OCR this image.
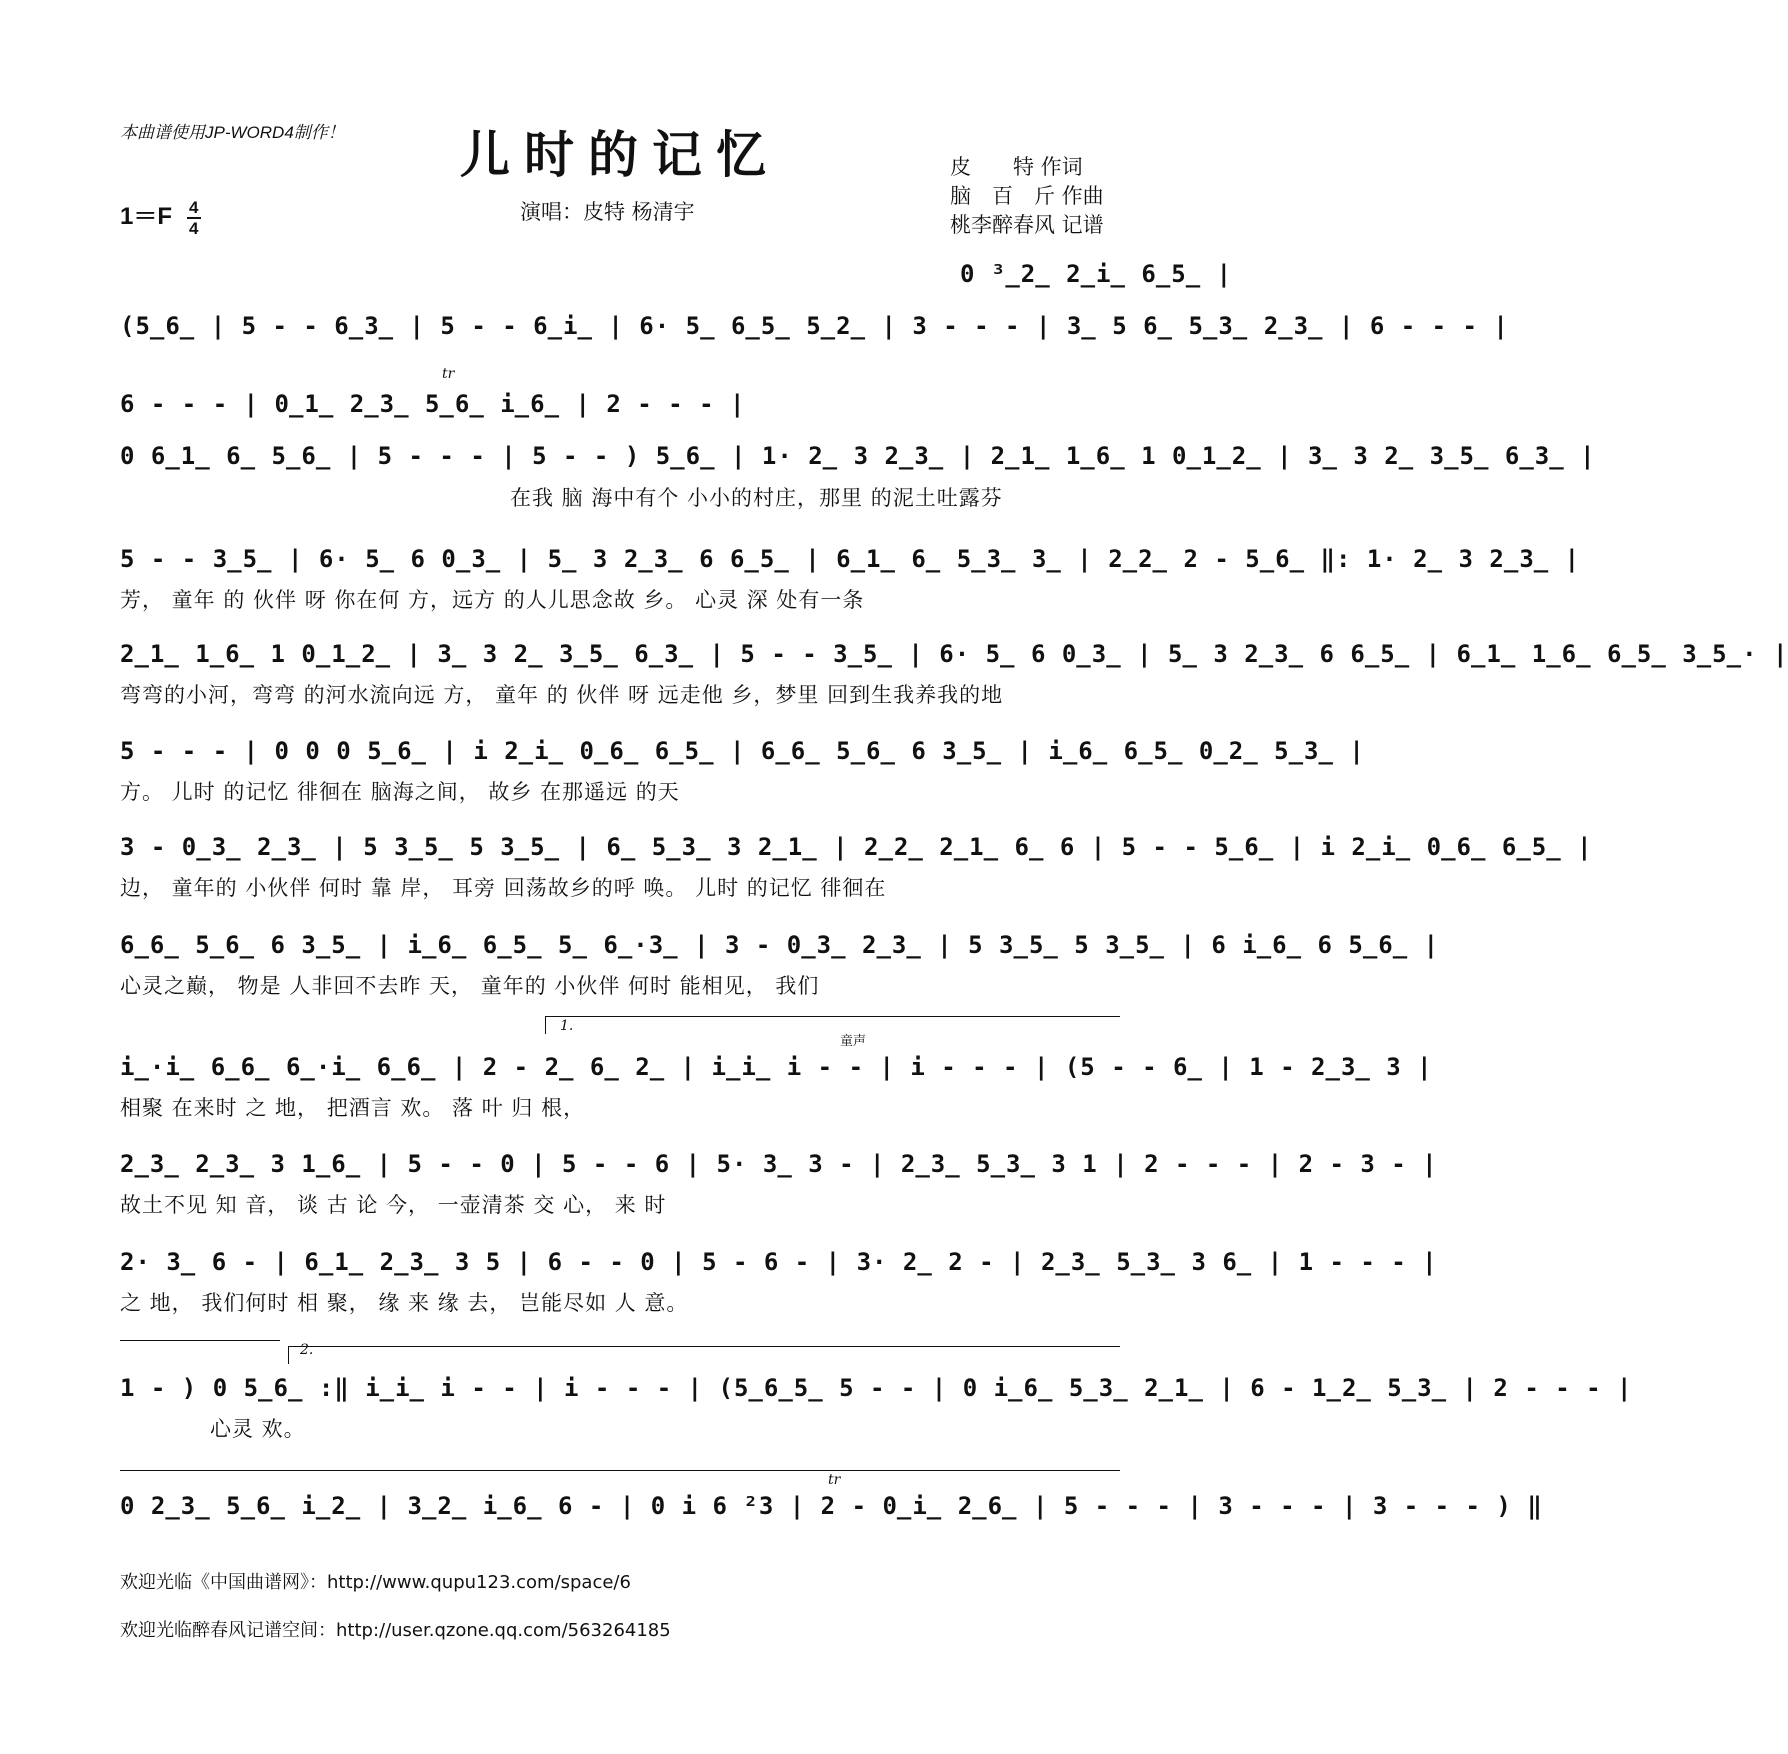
本曲谱使用JP-WORD4制作！	儿时的记忆
$1=F \frac{4}{4}$	演唱：皮特 杨清宇
皮　　特 作词
脑　百　斤 作曲
桃李醉春风 记谱
0 ³̲2̲ 2̲i̲ 6̲5̲ |
(5̲6̲ | 5 - - 6̲3̲ | 5 - - 6̲i̲ | 6· 5̲ 6̲5̲ 5̲2̲ | 3 - - - | 3̲ 5 6̲ 5̲3̲ 2̲3̲ | 6 - - - |
tr
6 - - - | 0̲1̲ 2̲3̲ 5̲6̲ i̲6̲ | 2 - - - |
0 6̲1̲ 6̲ 5̲6̲ | 5 - - - | 5 - - ) 5̲6̲ | 1· 2̲ 3 2̲3̲ | 2̲1̲ 1̲6̲ 1 0̲1̲2̲ | 3̲ 3 2̲ 3̲5̲ 6̲3̲ |
在我 脑 海中有个 小小的村庄，那里 的泥土吐露芬
5 - - 3̲5̲ | 6· 5̲ 6 0̲3̲ | 5̲ 3 2̲3̲ 6 6̲5̲ | 6̲1̲ 6̲ 5̲3̲ 3̲ | 2̲2̲ 2 - 5̲6̲ ‖: 1· 2̲ 3 2̲3̲ |
芳， 童年 的 伙伴 呀 你在何 方，远方 的人儿思念故 乡。 心灵 深 处有一条
2̲1̲ 1̲6̲ 1 0̲1̲2̲ | 3̲ 3 2̲ 3̲5̲ 6̲3̲ | 5 - - 3̲5̲ | 6· 5̲ 6 0̲3̲ | 5̲ 3 2̲3̲ 6 6̲5̲ | 6̲1̲ 1̲6̲ 6̲5̲ 3̲5̲· |
弯弯的小河，弯弯 的河水流向远 方， 童年 的 伙伴 呀 远走他 乡，梦里 回到生我养我的地
5 - - - | 0 0 0 5̲6̲ | i 2̲i̲ 0̲6̲ 6̲5̲ | 6̲6̲ 5̲6̲ 6 3̲5̲ | i̲6̲ 6̲5̲ 0̲2̲ 5̲3̲ |
方。 儿时 的记忆 徘徊在 脑海之间， 故乡 在那遥远 的天
3 - 0̲3̲ 2̲3̲ | 5 3̲5̲ 5 3̲5̲ | 6̲ 5̲3̲ 3 2̲1̲ | 2̲2̲ 2̲1̲ 6̲ 6 | 5 - - 5̲6̲ | i 2̲i̲ 0̲6̲ 6̲5̲ |
边， 童年的 小伙伴 何时 靠 岸， 耳旁 回荡故乡的呼 唤。 儿时 的记忆 徘徊在
6̲6̲ 5̲6̲ 6 3̲5̲ | i̲6̲ 6̲5̲ 5̲ 6̲·3̲ | 3 - 0̲3̲ 2̲3̲ | 5 3̲5̲ 5 3̲5̲ | 6 i̲6̲ 6 5̲6̲ |
心灵之巅， 物是 人非回不去昨 天， 童年的 小伙伴 何时 能相见， 我们
1.
童声
i̲·i̲ 6̲6̲ 6̲·i̲ 6̲6̲ | 2 - 2̲ 6̲ 2̲ | i̲i̲ i - - | i - - - | (5 - - 6̲ | 1 - 2̲3̲ 3 |
相聚 在来时 之 地， 把酒言 欢。 落 叶 归 根，
2̲3̲ 2̲3̲ 3 1̲6̲ | 5 - - 0 | 5 - - 6 | 5· 3̲ 3 - | 2̲3̲ 5̲3̲ 3 1 | 2 - - - | 2 - 3 - |
故土不见 知 音， 谈 古 论 今， 一壶清茶 交 心， 来 时
2· 3̲ 6 - | 6̲1̲ 2̲3̲ 3 5 | 6 - - 0 | 5 - 6 - | 3· 2̲ 2 - | 2̲3̲ 5̲3̲ 3 6̲ | 1 - - - |
之 地， 我们何时 相 聚， 缘 来 缘 去， 岂能尽如 人 意。
2.
1 - ) 0 5̲6̲ :‖ i̲i̲ i - - | i - - - | (5̲6̲5̲ 5 - - | 0 i̲6̲ 5̲3̲ 2̲1̲ | 6 - 1̲2̲ 5̲3̲ | 2 - - - |
心灵 欢。
tr
0 2̲3̲ 5̲6̲ i̲2̲ | 3̲2̲ i̲6̲ 6 - | 0 i 6 ²3 | 2 - 0̲i̲ 2̲6̲ | 5 - - - | 3 - - - | 3 - - - ) ‖
欢迎光临《中国曲谱网》：http://www.qupu123.com/space/6
欢迎光临醉春风记谱空间：http://user.qzone.qq.com/563264185
